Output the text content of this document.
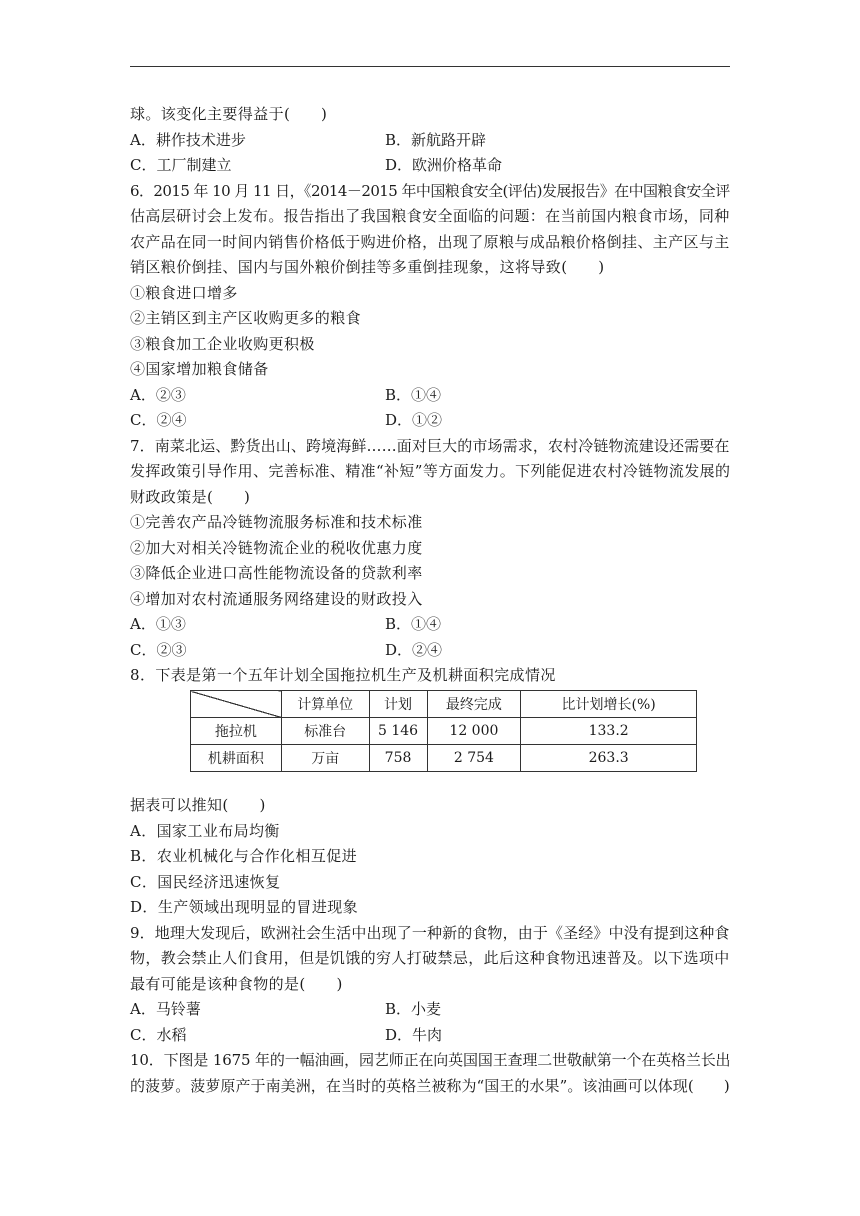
球。该变化主要得益于(　　)
A．耕作技术进步	B．新航路开辟
C．工厂制建立	D．欧洲价格革命
6．2015 年 10 月 11 日，《2014－2015 年中国粮食安全(评估)发展报告》在中国粮食安全评
估高层研讨会上发布。报告指出了我国粮食安全面临的问题：在当前国内粮食市场，同种
农产品在同一时间内销售价格低于购进价格，出现了原粮与成品粮价格倒挂、主产区与主
销区粮价倒挂、国内与国外粮价倒挂等多重倒挂现象，这将导致(　　)
①粮食进口增多
②主销区到主产区收购更多的粮食
③粮食加工企业收购更积极
④国家增加粮食储备
A．②③	B．①④
C．②④	D．①②
7．南菜北运、黔货出山、跨境海鲜……面对巨大的市场需求，农村冷链物流建设还需要在
发挥政策引导作用、完善标准、精准“补短”等方面发力。下列能促进农村冷链物流发展的
财政政策是(　　)
①完善农产品冷链物流服务标准和技术标准
②加大对相关冷链物流企业的税收优惠力度
③降低企业进口高性能物流设备的贷款利率
④增加对农村流通服务网络建设的财政投入
A．①③	B．①④
C．②③	D．②④
8．下表是第一个五年计划全国拖拉机生产及机耕面积完成情况
	计算单位	计划	最终完成	比计划增长(%)
拖拉机	标准台	5 146	12 000	133.2
机耕面积	万亩	758	2 754	263.3
据表可以推知(　　)
A．国家工业布局均衡
B．农业机械化与合作化相互促进
C．国民经济迅速恢复
D．生产领域出现明显的冒进现象
9．地理大发现后，欧洲社会生活中出现了一种新的食物，由于《圣经》中没有提到这种食
物，教会禁止人们食用，但是饥饿的穷人打破禁忌，此后这种食物迅速普及。以下选项中
最有可能是该种食物的是(　　)
A．马铃薯	B．小麦
C．水稻	D．牛肉
10．下图是 1675 年的一幅油画，园艺师正在向英国国王查理二世敬献第一个在英格兰长出
的菠萝。菠萝原产于南美洲，在当时的英格兰被称为“国王的水果”。该油画可以体现(　　)
